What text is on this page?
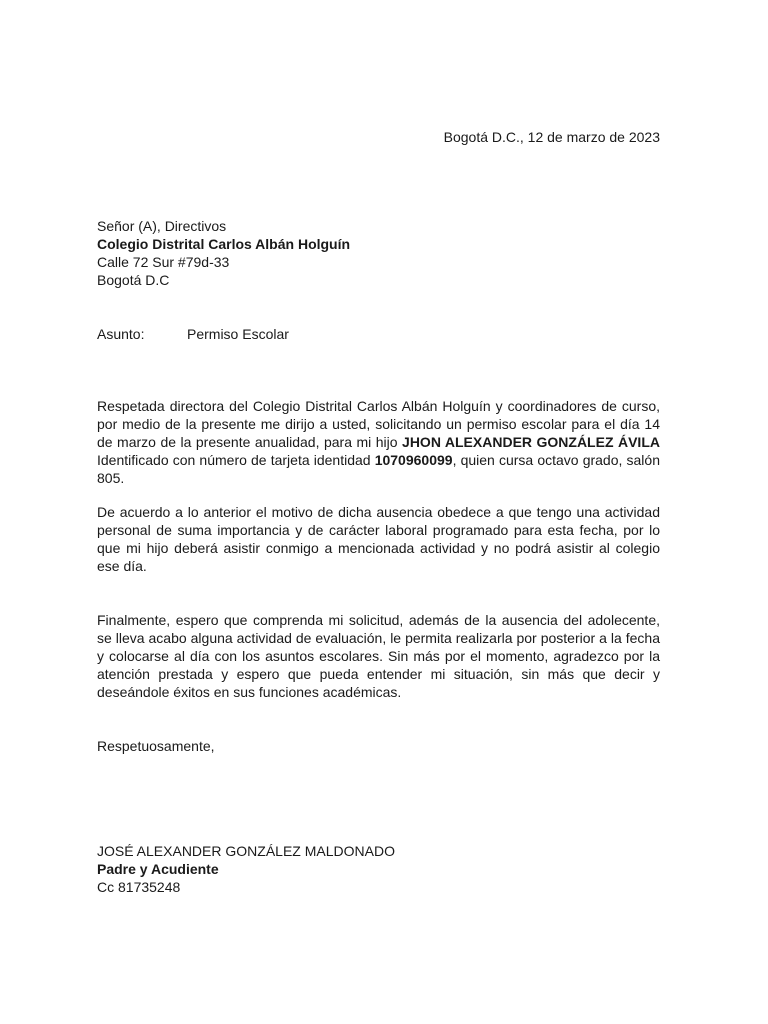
Bogotá D.C., 12 de marzo de 2023
Señor (A), Directivos
Colegio Distrital Carlos Albán Holguín
Calle 72 Sur #79d-33
Bogotá D.C
Asunto:	Permiso Escolar

Respetada directora del Colegio Distrital Carlos Albán Holguín y coordinadores de curso, por medio de la presente me dirijo a usted, solicitando un permiso escolar para el día 14 de marzo de la presente anualidad, para mi hijo JHON ALEXANDER GONZÁLEZ ÁVILA Identificado con número de tarjeta identidad 1070960099, quien cursa octavo grado, salón 805.

De acuerdo a lo anterior el motivo de dicha ausencia obedece a que tengo una actividad personal de suma importancia y de carácter laboral programado para esta fecha, por lo que mi hijo deberá asistir conmigo a mencionada actividad y no podrá asistir al colegio ese día.

Finalmente, espero que comprenda mi solicitud, además de la ausencia del adolecente, se lleva acabo alguna actividad de evaluación, le permita realizarla por posterior a la fecha y colocarse al día con los asuntos escolares. Sin más por el momento, agradezco por la atención prestada y espero que pueda entender mi situación, sin más que decir y deseándole éxitos en sus funciones académicas.

Respetuosamente,
JOSÉ ALEXANDER GONZÁLEZ MALDONADO
Padre y Acudiente
Cc 81735248
